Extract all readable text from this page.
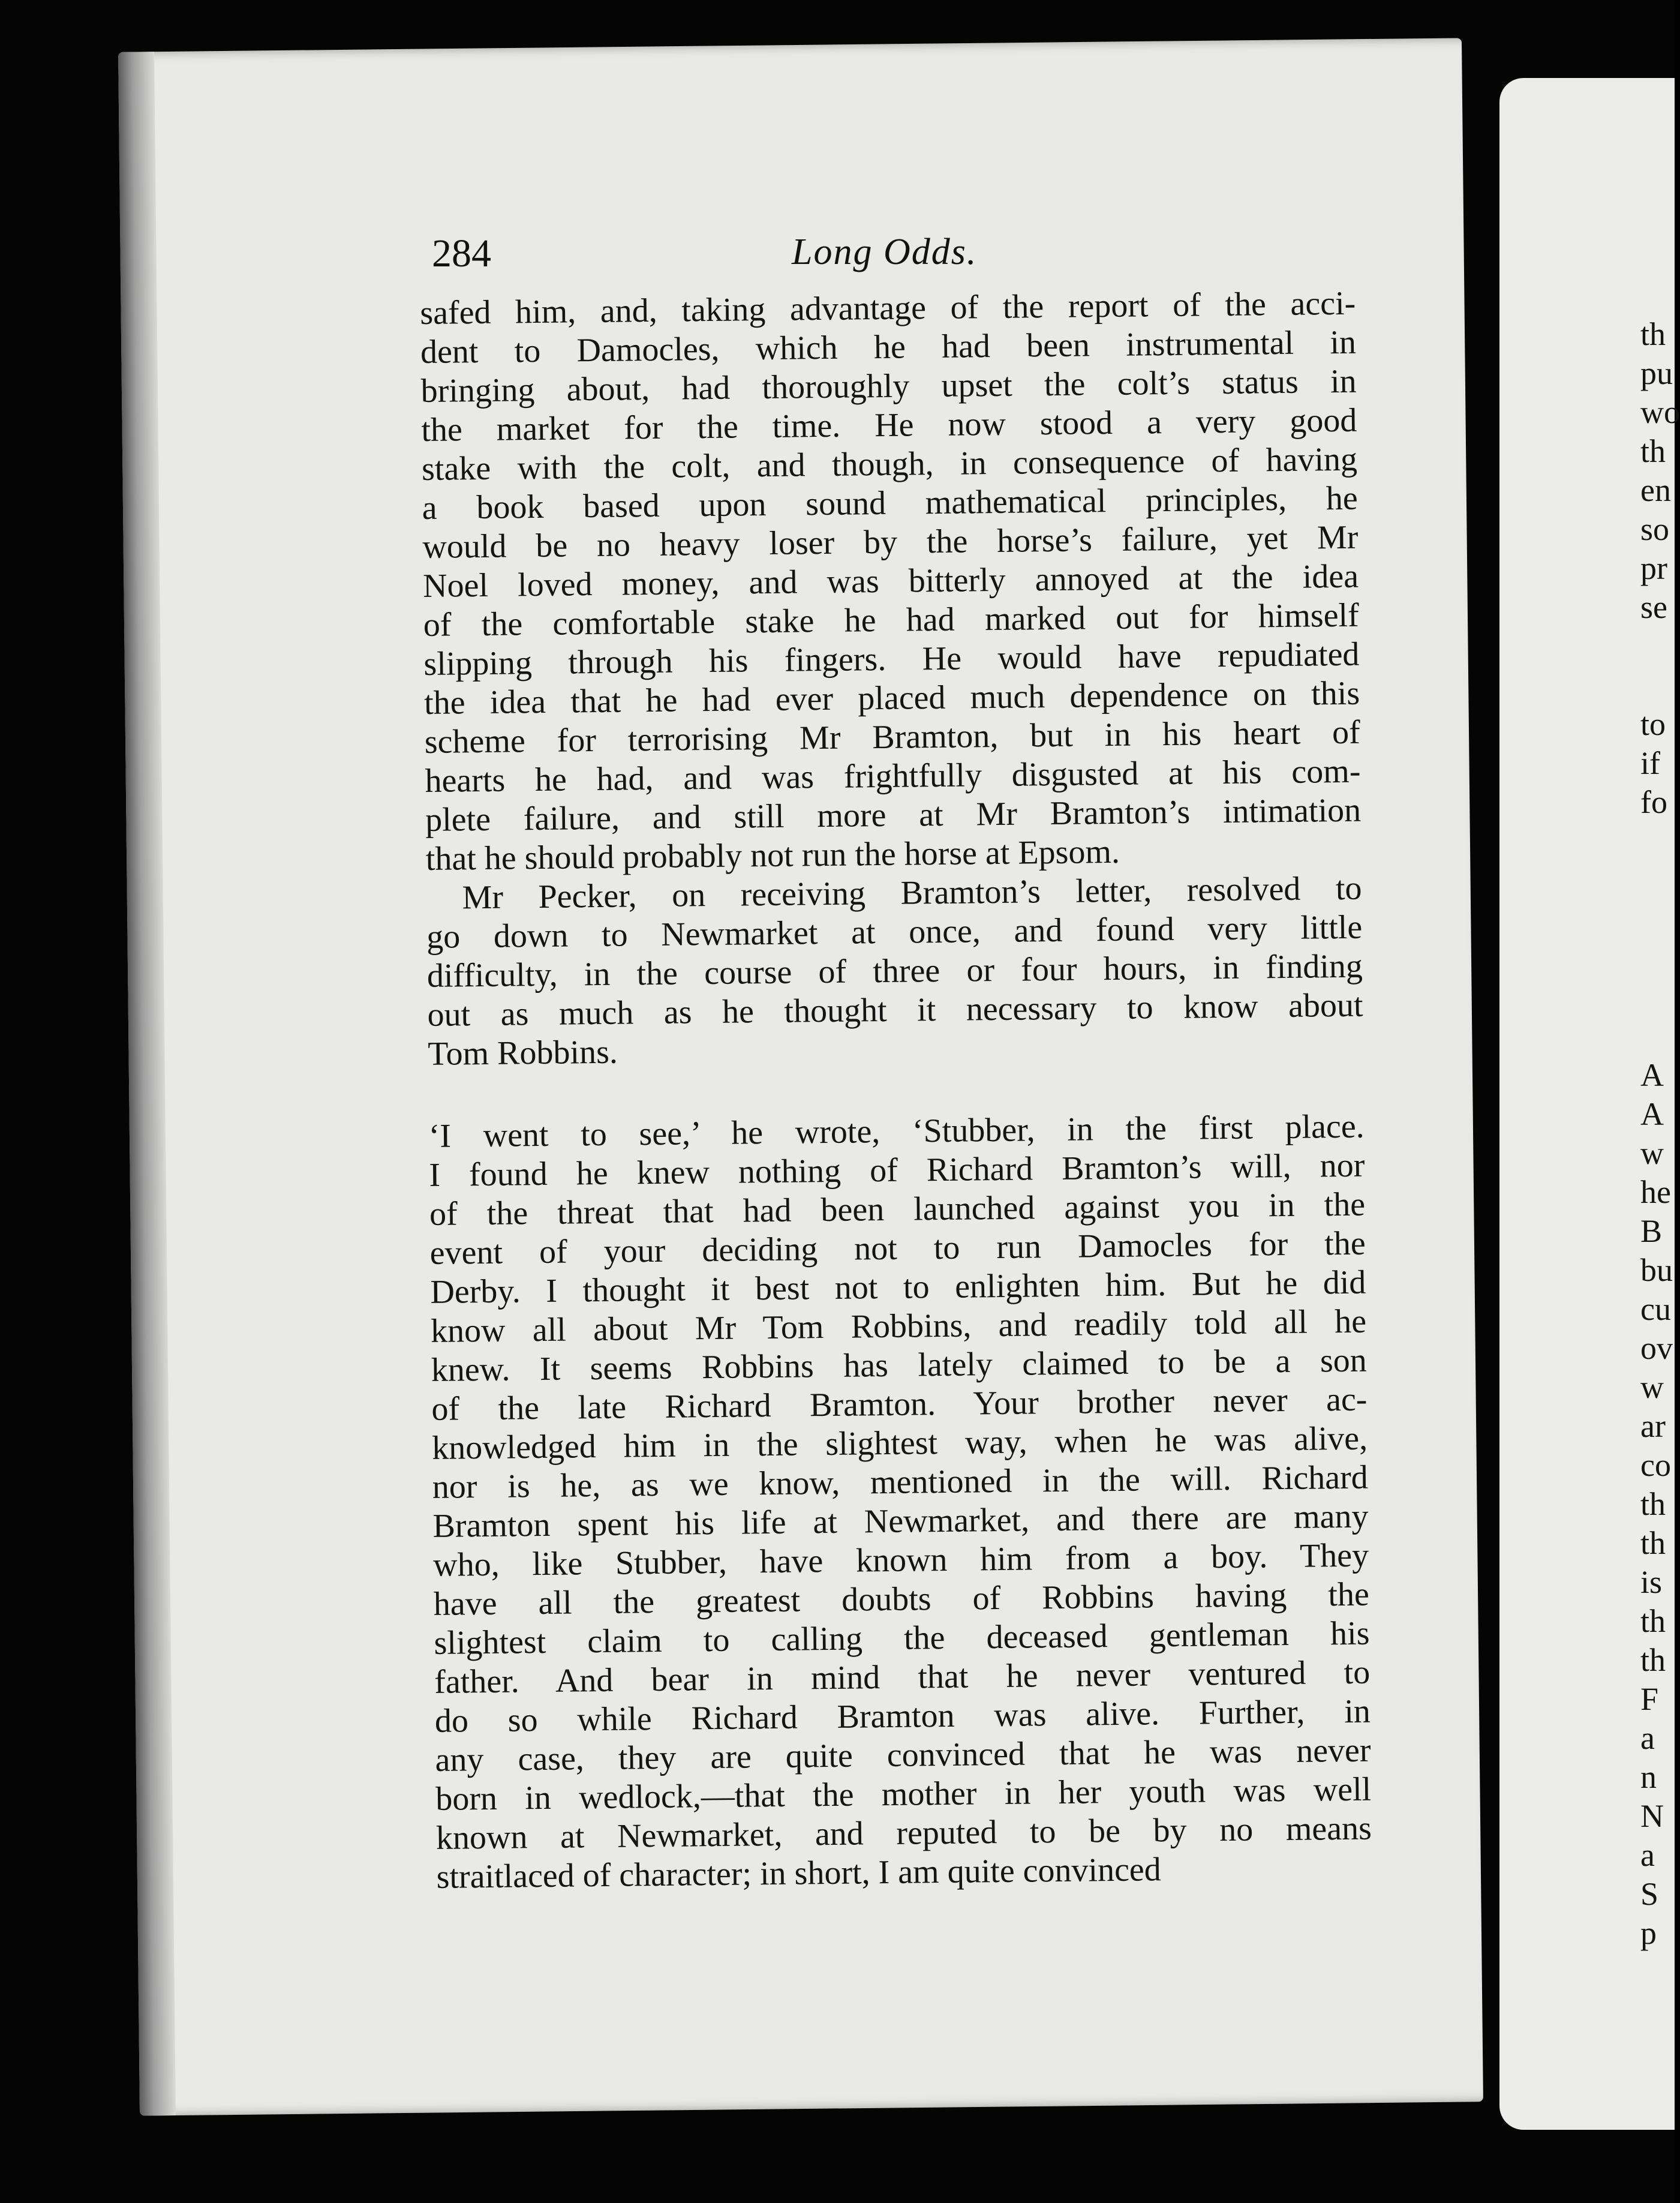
284	Long Odds.
safed him, and, taking advantage of the report of the acci-
dent to Damocles, which he had been instrumental in
bringing about, had thoroughly upset the colt’s status in
the market for the time. He now stood a very good
stake with the colt, and though, in consequence of having
a book based upon sound mathematical principles, he
would be no heavy loser by the horse’s failure, yet Mr
Noel loved money, and was bitterly annoyed at the idea
of the comfortable stake he had marked out for himself
slipping through his fingers. He would have repudiated
the idea that he had ever placed much dependence on this
scheme for terrorising Mr Bramton, but in his heart of
hearts he had, and was frightfully disgusted at his com-
plete failure, and still more at Mr Bramton’s intimation
that he should probably not run the horse at Epsom.
Mr Pecker, on receiving Bramton’s letter, resolved to
go down to Newmarket at once, and found very little
difficulty, in the course of three or four hours, in finding
out as much as he thought it necessary to know about
Tom Robbins.
‘I went to see,’ he wrote, ‘Stubber, in the first place.
I found he knew nothing of Richard Bramton’s will, nor
of the threat that had been launched against you in the
event of your deciding not to run Damocles for the
Derby. I thought it best not to enlighten him. But he did
know all about Mr Tom Robbins, and readily told all he
knew. It seems Robbins has lately claimed to be a son
of the late Richard Bramton. Your brother never ac-
knowledged him in the slightest way, when he was alive,
nor is he, as we know, mentioned in the will. Richard
Bramton spent his life at Newmarket, and there are many
who, like Stubber, have known him from a boy. They
have all the greatest doubts of Robbins having the
slightest claim to calling the deceased gentleman his
father. And bear in mind that he never ventured to
do so while Richard Bramton was alive. Further, in
any case, they are quite convinced that he was never
born in wedlock,—that the mother in her youth was well
known at Newmarket, and reputed to be by no means
straitlaced of character; in short, I am quite convinced
th
pu
wo
th
en
so
pr
se
to
if
fo
A
A
w
he
B
bu
cu
ov
w
ar
co
th
th
is
th
th
F
a
n
N
a
S
p
